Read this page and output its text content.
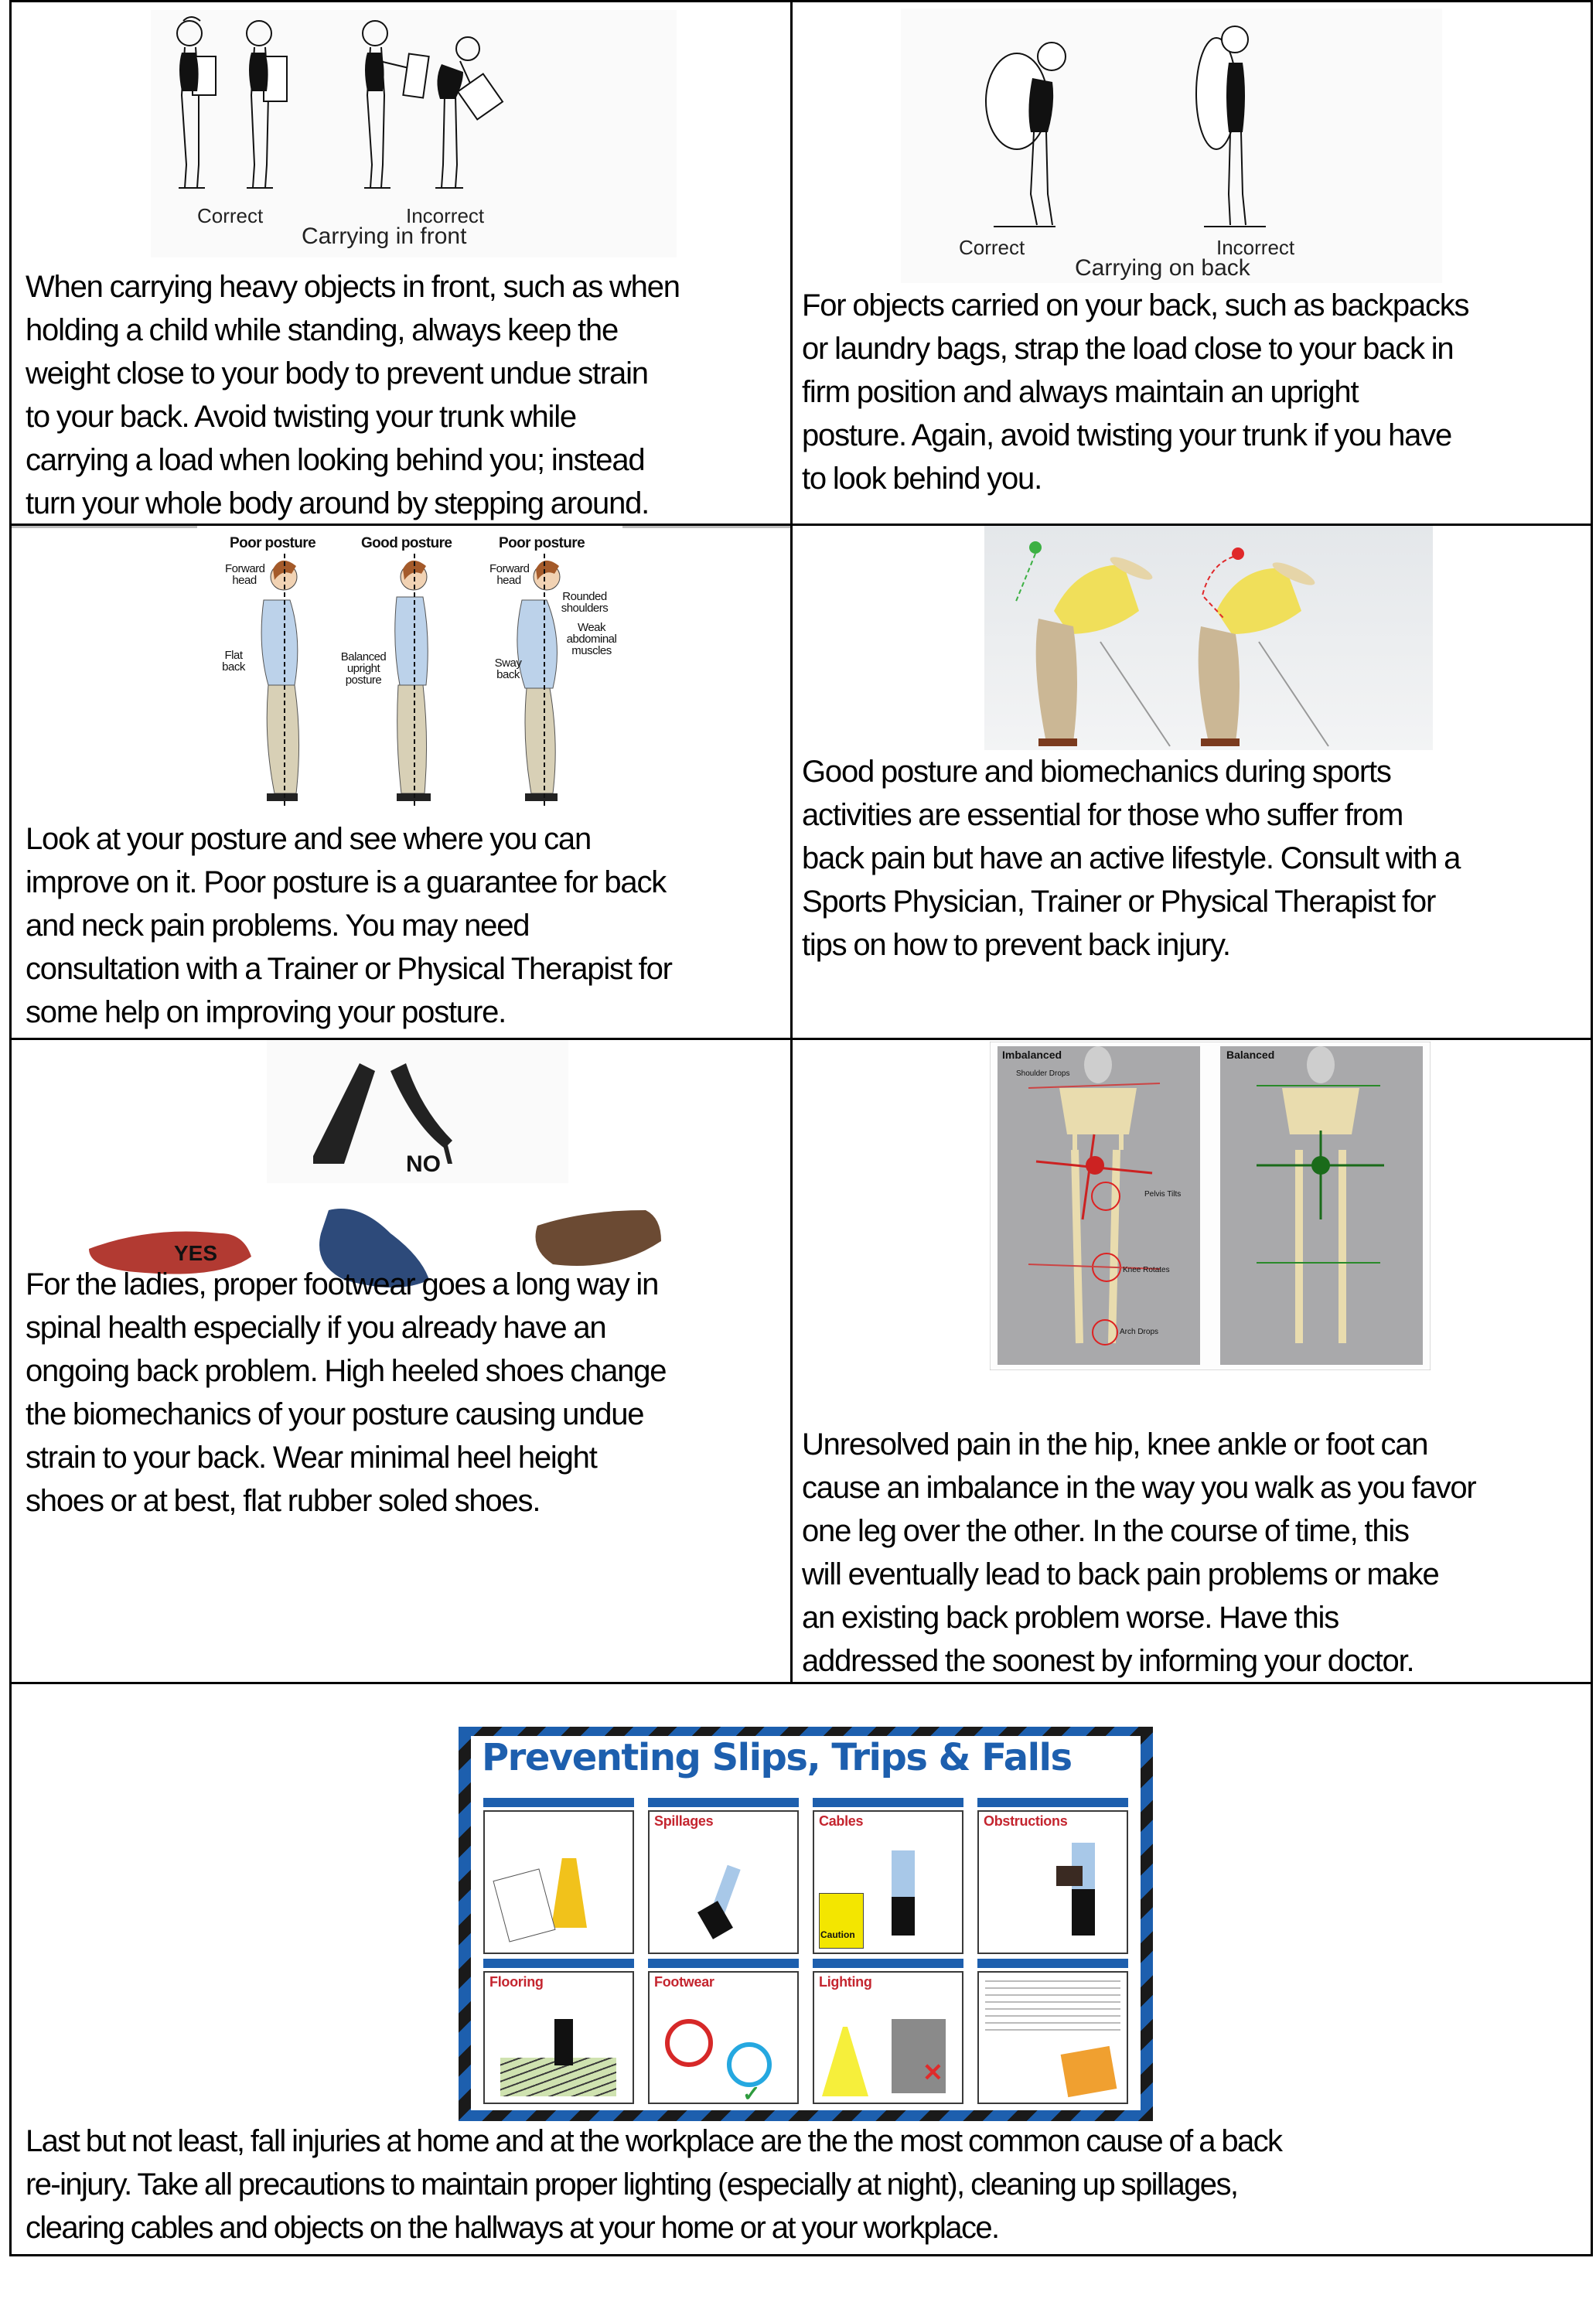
Correct	Incorrect
Carrying in front
When carrying heavy objects in front, such as when
holding a child while standing, always keep the
weight close to your body to prevent undue strain
to your back. Avoid twisting your trunk while
carrying a load when looking behind you; instead
turn your whole body around by stepping around.
Correct	Incorrect
Carrying on back
For objects carried on your back, such as backpacks
or laundry bags, strap the load close to your back in
firm position and always maintain an upright
posture. Again, avoid twisting your trunk if you have
to look behind you.
Poor posture	Good posture	Poor posture
Forward head
Flat back
Balanced upright posture
Forward head
Rounded shoulders
Weak abdominal muscles
Sway back
Look at your posture and see where you can
improve on it. Poor posture is a guarantee for back
and neck pain problems. You may need
consultation with a Trainer or Physical Therapist for
some help on improving your posture.
Good posture and biomechanics during sports
activities are essential for those who suffer from
back pain but have an active lifestyle. Consult with a
Sports Physician, Trainer or Physical Therapist for
tips on how to prevent back injury.
NO
YES
For the ladies, proper footwear goes a long way in
spinal health especially if you already have an
ongoing back problem. High heeled shoes change
the biomechanics of your posture causing undue
strain to your back. Wear minimal heel height
shoes or at best, flat rubber soled shoes.
Imbalanced
Shoulder Drops
Pelvis Tilts
Knee Rotates
Arch Drops
Balanced
Unresolved pain in the hip, knee ankle or foot can
cause an imbalance in the way you walk as you favor
one leg over the other. In the course of time, this
will eventually lead to back pain problems or make
an existing back problem worse. Have this
addressed the soonest by informing your doctor.
Preventing Slips, Trips & Falls
Spillages	Cables
Caution
Obstructions
Flooring	Footwear
✓
Lighting
✕
Last but not least, fall injuries at home and at the workplace are the the most common cause of a back
re-injury. Take all precautions to maintain proper lighting (especially at night), cleaning up spillages,
clearing cables and objects on the hallways at your home or at your workplace.
